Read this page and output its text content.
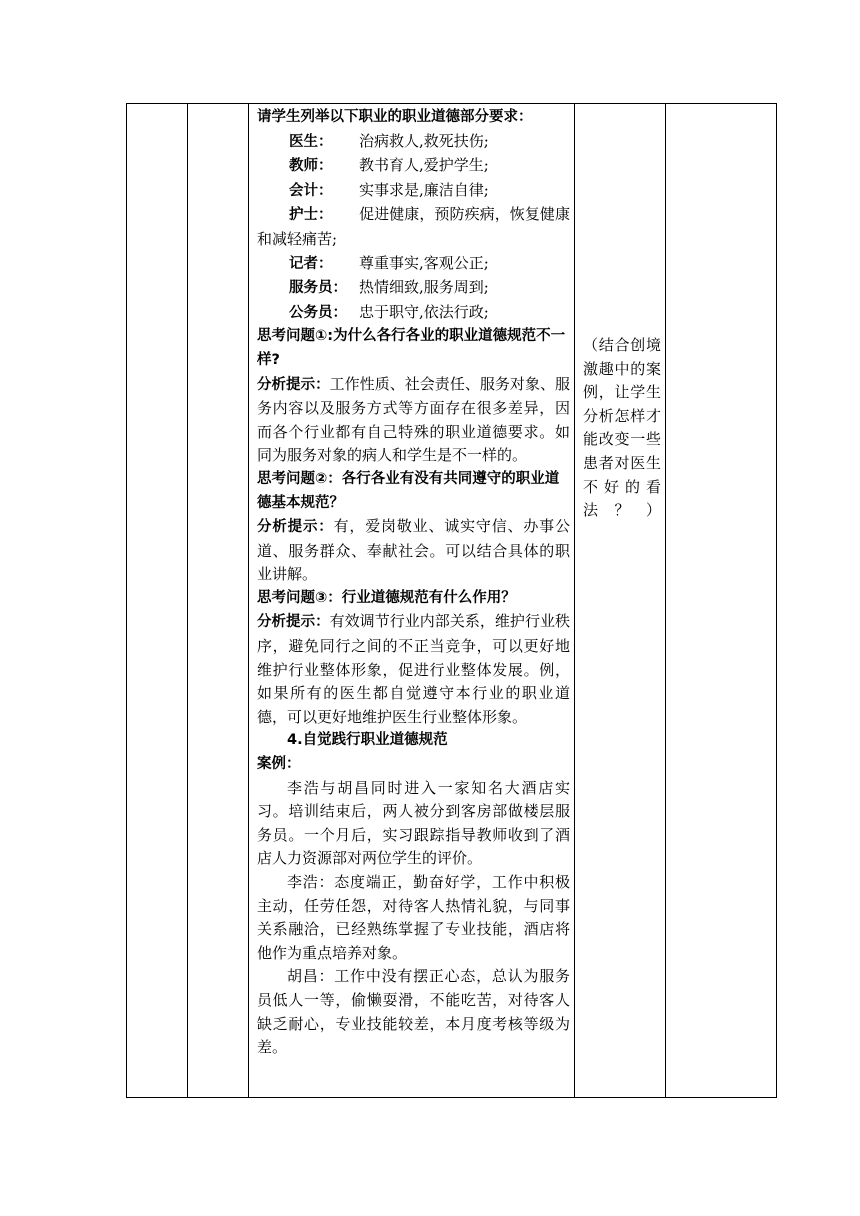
请学生列举以下职业的职业道德部分要求：

医生： 治病救人,救死扶伤;

教师： 教书育人,爱护学生;

会计： 实事求是,廉洁自律;

护士： 促进健康，预防疾病，恢复健康和减轻痛苦;

记者： 尊重事实,客观公正;

服务员： 热情细致,服务周到;

公务员： 忠于职守,依法行政;

思考问题①:为什么各行各业的职业道德规范不一样?

分析提示：工作性质、社会责任、服务对象、服务内容以及服务方式等方面存在很多差异，因而各个行业都有自己特殊的职业道德要求。如同为服务对象的病人和学生是不一样的。

思考问题②：各行各业有没有共同遵守的职业道德基本规范？

分析提示：有，爱岗敬业、诚实守信、办事公道、服务群众、奉献社会。可以结合具体的职业讲解。

思考问题③：行业道德规范有什么作用？

分析提示：有效调节行业内部关系，维护行业秩序，避免同行之间的不正当竞争，可以更好地维护行业整体形象，促进行业整体发展。例，如果所有的医生都自觉遵守本行业的职业道德，可以更好地维护医生行业整体形象。

4.自觉践行职业道德规范

案例：

李浩与胡昌同时进入一家知名大酒店实习。培训结束后，两人被分到客房部做楼层服务员。一个月后，实习跟踪指导教师收到了酒店人力资源部对两位学生的评价。

李浩：态度端正，勤奋好学，工作中积极主动，任劳任怨，对待客人热情礼貌，与同事关系融洽，已经熟练掌握了专业技能，酒店将他作为重点培养对象。

胡昌：工作中没有摆正心态，总认为服务员低人一等，偷懒耍滑，不能吃苦，对待客人缺乏耐心，专业技能较差，本月度考核等级为差。

（结合创境激趣中的案例，让学生分析怎样才能改变一些患者对医生不好的看法？）
